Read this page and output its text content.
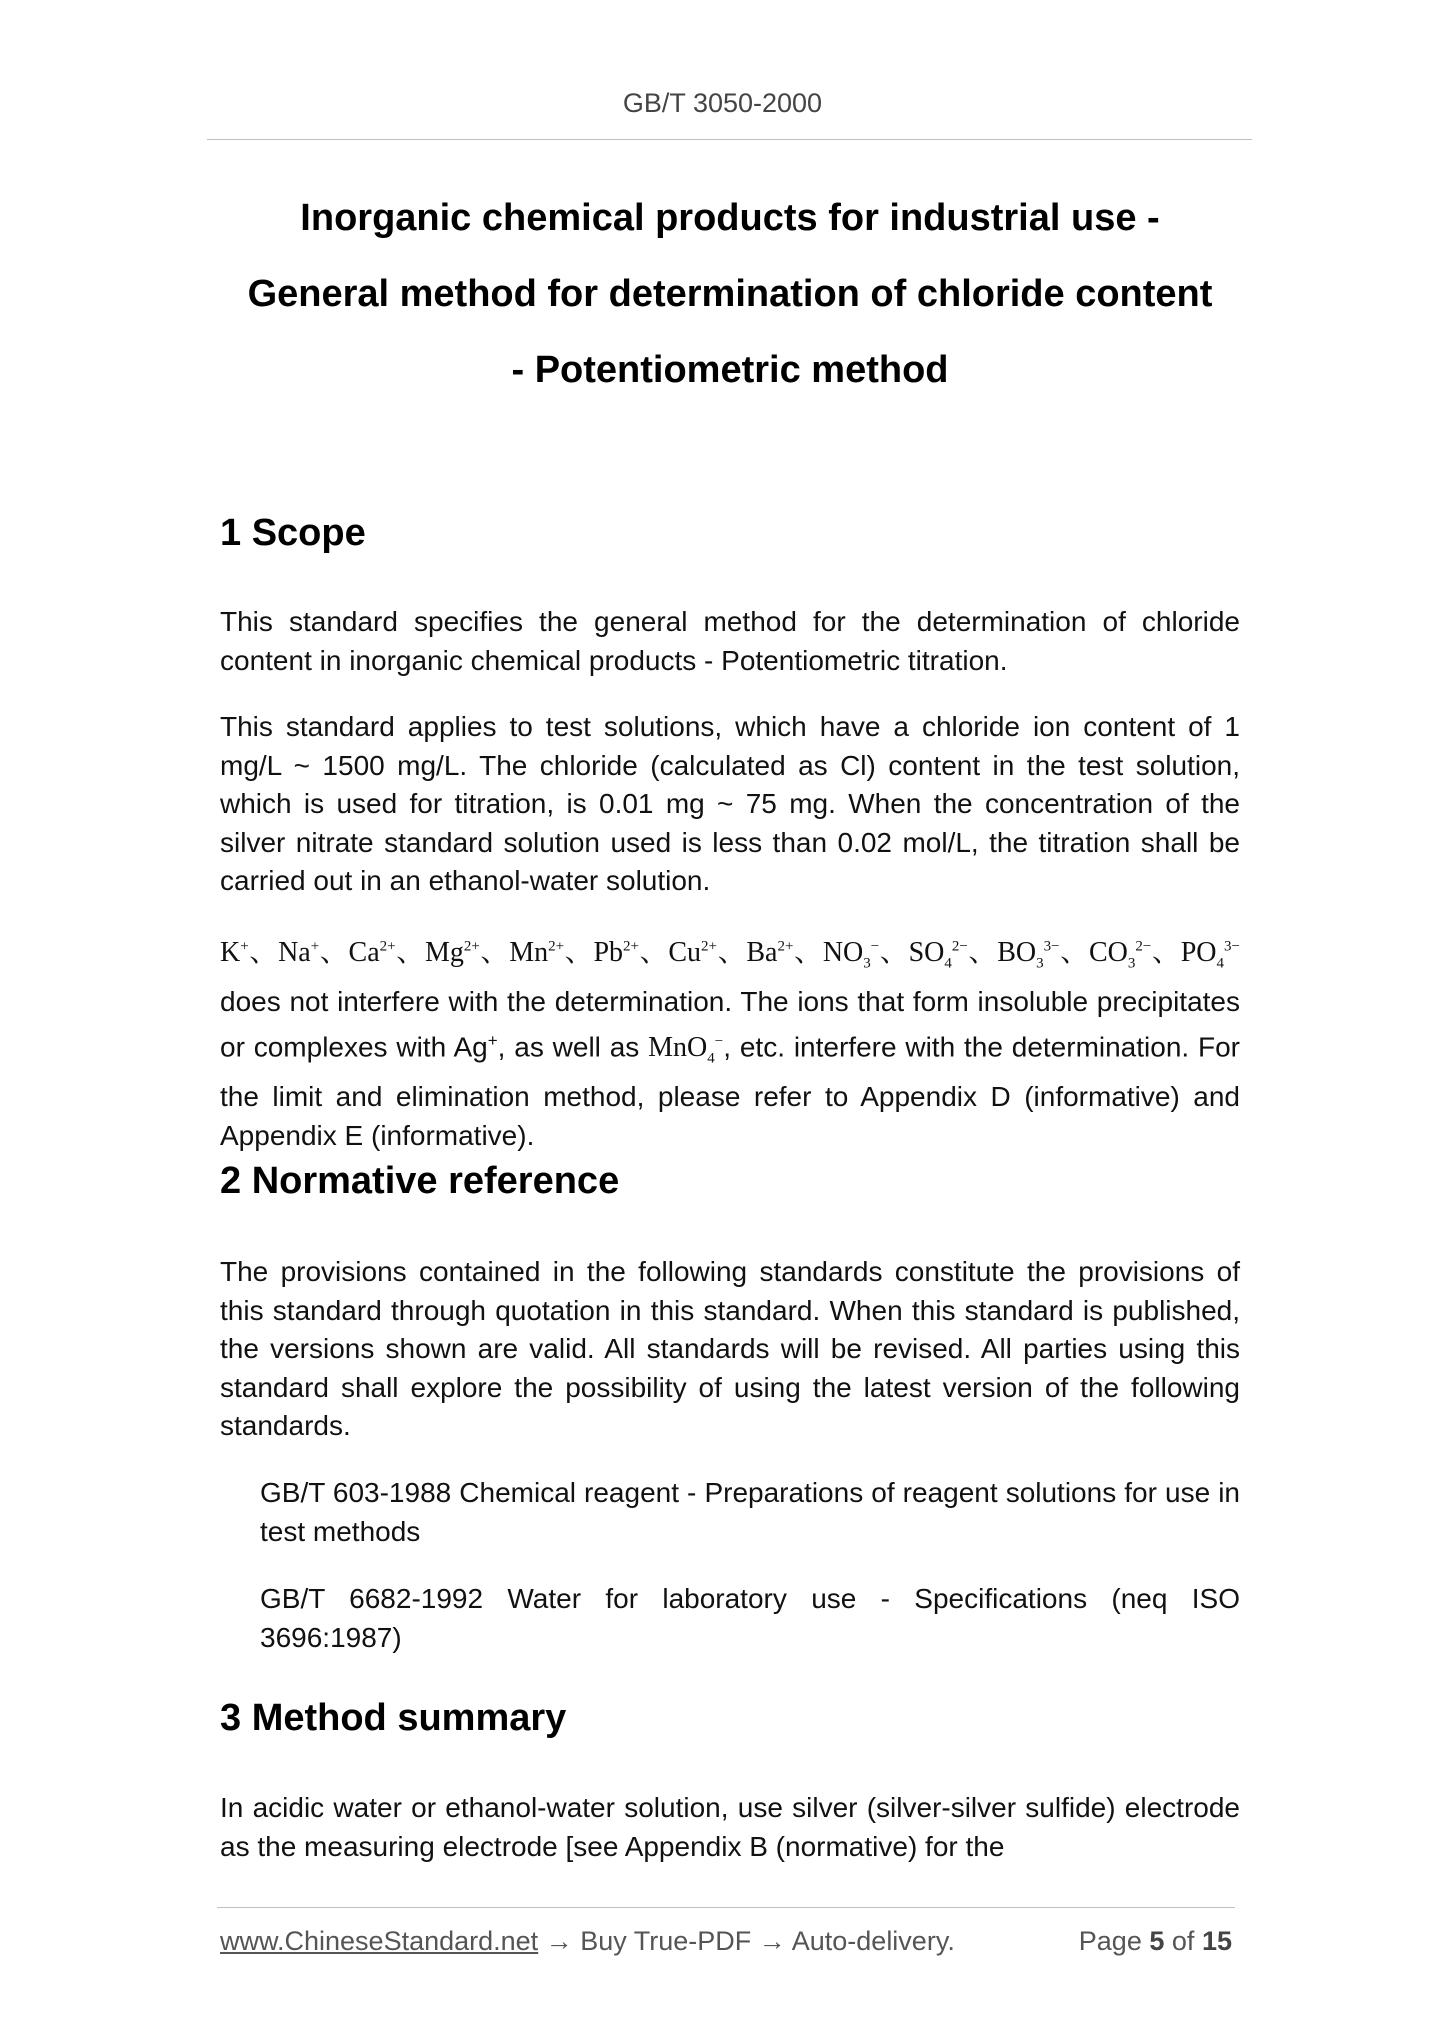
GB/T 3050-2000
Inorganic chemical products for industrial use -
General method for determination of chloride content
- Potentiometric method
1 Scope

This standard specifies the general method for the determination of chloride content in inorganic chemical products - Potentiometric titration.

This standard applies to test solutions, which have a chloride ion content of 1 mg/L ~ 1500 mg/L. The chloride (calculated as Cl) content in the test solution, which is used for titration, is 0.01 mg ~ 75 mg. When the concentration of the silver nitrate standard solution used is less than 0.02 mol/L, the titration shall be carried out in an ethanol-water solution.

K+、Na+、$Ca^{2+}$、$Mg^{2+}$、$Mn^{2+}$、$Pb^{2+}$、$Cu^{2+}$、$Ba^{2+}$、$NO_3^-$、$SO_4^{2-}$、$BO_3^{3-}$、$CO_3^{2-}$、$PO_4^{3-}$ does not interfere with the determination. The ions that form insoluble precipitates or complexes with Ag+, as well as MnO$_4$−, etc. interfere with the determination. For the limit and elimination method, please refer to Appendix D (informative) and Appendix E (informative).

2 Normative reference

The provisions contained in the following standards constitute the provisions of this standard through quotation in this standard. When this standard is published, the versions shown are valid. All standards will be revised. All parties using this standard shall explore the possibility of using the latest version of the following standards.

GB/T 603-1988 Chemical reagent - Preparations of reagent solutions for use in test methods

GB/T 6682-1992 Water for laboratory use - Specifications (neq ISO 3696:1987)

3 Method summary

In acidic water or ethanol-water solution, use silver (silver-silver sulfide) electrode as the measuring electrode [see Appendix B (normative) for the

www.ChineseStandard.net → Buy True-PDF → Auto-delivery.	Page 5 of 15
